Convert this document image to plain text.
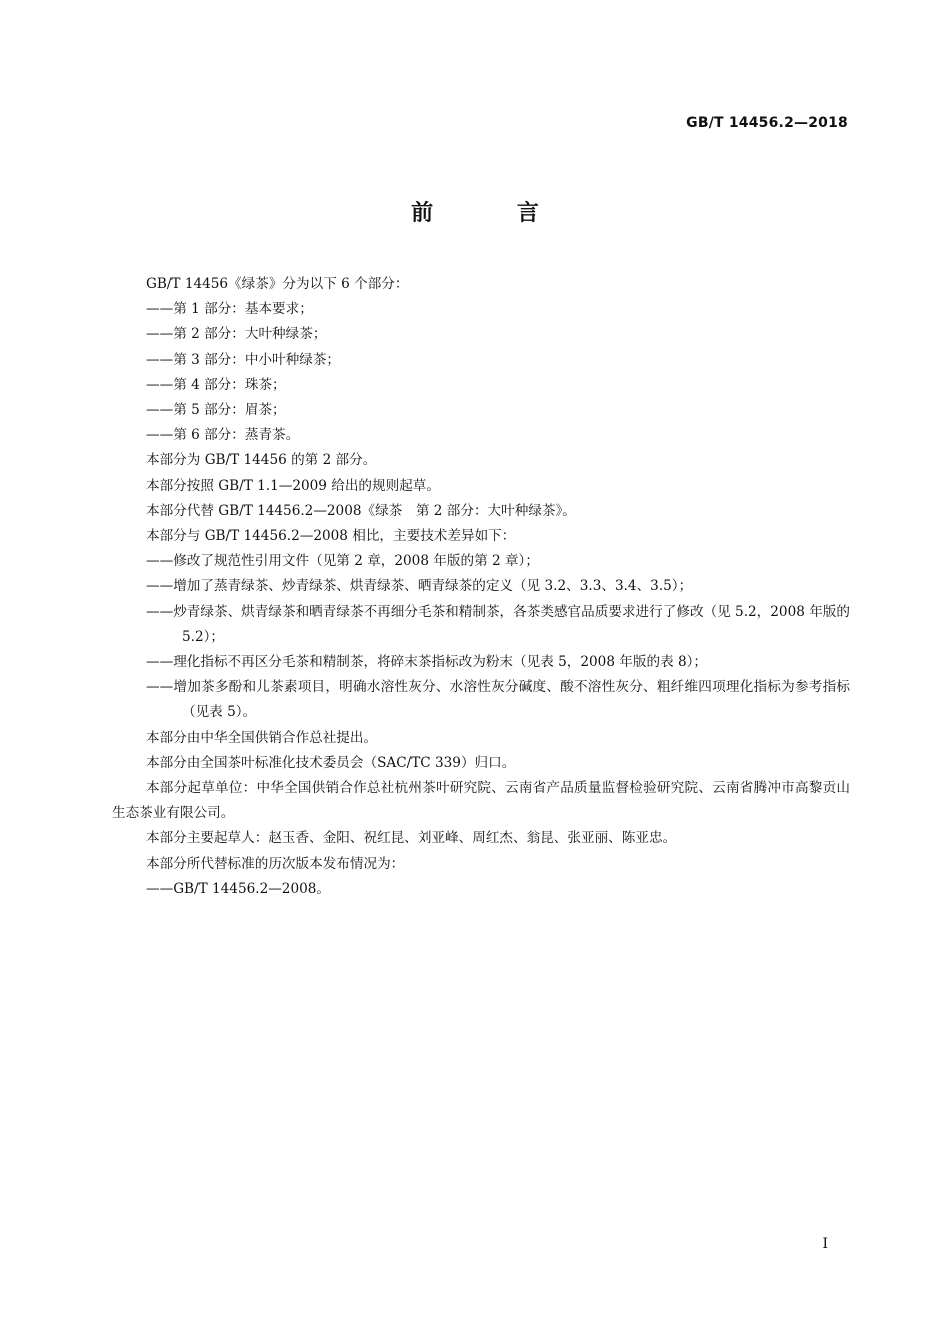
GB/T 14456.2—2018
前 言

GB/T 14456《绿茶》分为以下 6 个部分：

——第 1 部分：基本要求；

——第 2 部分：大叶种绿茶；

——第 3 部分：中小叶种绿茶；

——第 4 部分：珠茶；

——第 5 部分：眉茶；

——第 6 部分：蒸青茶。

本部分为 GB/T 14456 的第 2 部分。

本部分按照 GB/T 1.1—2009 给出的规则起草。

本部分代替 GB/T 14456.2—2008《绿茶　第 2 部分：大叶种绿茶》。

本部分与 GB/T 14456.2—2008 相比，主要技术差异如下：

——修改了规范性引用文件（见第 2 章，2008 年版的第 2 章）；

——增加了蒸青绿茶、炒青绿茶、烘青绿茶、晒青绿茶的定义（见 3.2、3.3、3.4、3.5）；

——炒青绿茶、烘青绿茶和晒青绿茶不再细分毛茶和精制茶，各茶类感官品质要求进行了修改（见 5.2，2008 年版的 5.2）；

——理化指标不再区分毛茶和精制茶，将碎末茶指标改为粉末（见表 5，2008 年版的表 8）；

——增加茶多酚和儿茶素项目，明确水溶性灰分、水溶性灰分碱度、酸不溶性灰分、粗纤维四项理化指标为参考指标（见表 5）。

本部分由中华全国供销合作总社提出。

本部分由全国茶叶标准化技术委员会（SAC/TC 339）归口。

本部分起草单位：中华全国供销合作总社杭州茶叶研究院、云南省产品质量监督检验研究院、云南省腾冲市高黎贡山生态茶业有限公司。

本部分主要起草人：赵玉香、金阳、祝红昆、刘亚峰、周红杰、翁昆、张亚丽、陈亚忠。

本部分所代替标准的历次版本发布情况为：

——GB/T 14456.2—2008。

I
